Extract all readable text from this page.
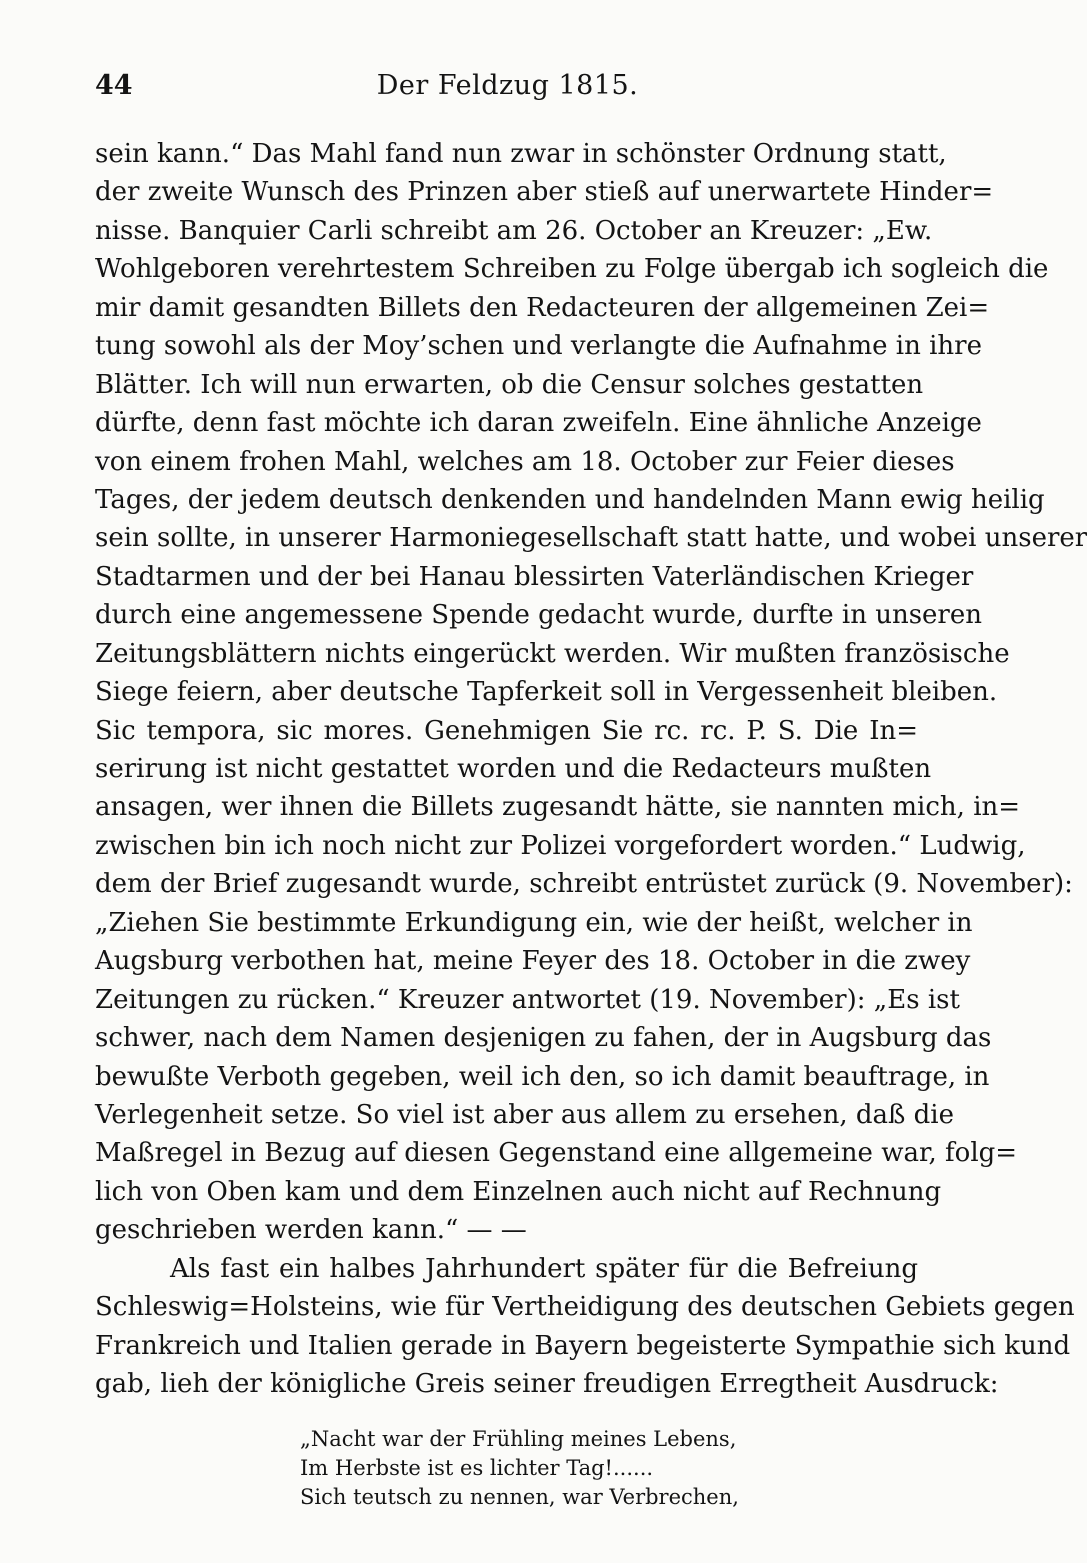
44	Der Feldzug 1815.
sein kann.“ Das Mahl fand nun zwar in schönster Ordnung statt,
der zweite Wunsch des Prinzen aber stieß auf unerwartete Hinder=
nisse. Banquier Carli schreibt am 26. October an Kreuzer: „Ew.
Wohlgeboren verehrtestem Schreiben zu Folge übergab ich sogleich die
mir damit gesandten Billets den Redacteuren der allgemeinen Zei=
tung sowohl als der Moy’schen und verlangte die Aufnahme in ihre
Blätter. Ich will nun erwarten, ob die Censur solches gestatten
dürfte, denn fast möchte ich daran zweifeln. Eine ähnliche Anzeige
von einem frohen Mahl, welches am 18. October zur Feier dieses
Tages, der jedem deutsch denkenden und handelnden Mann ewig heilig
sein sollte, in unserer Harmoniegesellschaft statt hatte, und wobei unserer
Stadtarmen und der bei Hanau blessirten Vaterländischen Krieger
durch eine angemessene Spende gedacht wurde, durfte in unseren
Zeitungsblättern nichts eingerückt werden. Wir mußten französische
Siege feiern, aber deutsche Tapferkeit soll in Vergessenheit bleiben.
Sic tempora, sic mores. Genehmigen Sie rc. rc. P. S. Die In=
serirung ist nicht gestattet worden und die Redacteurs mußten
ansagen, wer ihnen die Billets zugesandt hätte, sie nannten mich, in=
zwischen bin ich noch nicht zur Polizei vorgefordert worden.“ Ludwig,
dem der Brief zugesandt wurde, schreibt entrüstet zurück (9. November):
„Ziehen Sie bestimmte Erkundigung ein, wie der heißt, welcher in
Augsburg verbothen hat, meine Feyer des 18. October in die zwey
Zeitungen zu rücken.“ Kreuzer antwortet (19. November): „Es ist
schwer, nach dem Namen desjenigen zu fahen, der in Augsburg das
bewußte Verboth gegeben, weil ich den, so ich damit beauftrage, in
Verlegenheit setze. So viel ist aber aus allem zu ersehen, daß die
Maßregel in Bezug auf diesen Gegenstand eine allgemeine war, folg=
lich von Oben kam und dem Einzelnen auch nicht auf Rechnung
geschrieben werden kann.“ — —
Als fast ein halbes Jahrhundert später für die Befreiung
Schleswig=Holsteins, wie für Vertheidigung des deutschen Gebiets gegen
Frankreich und Italien gerade in Bayern begeisterte Sympathie sich kund
gab, lieh der königliche Greis seiner freudigen Erregtheit Ausdruck:
„Nacht war der Frühling meines Lebens,
Im Herbste ist es lichter Tag!......
Sich teutsch zu nennen, war Verbrechen,
